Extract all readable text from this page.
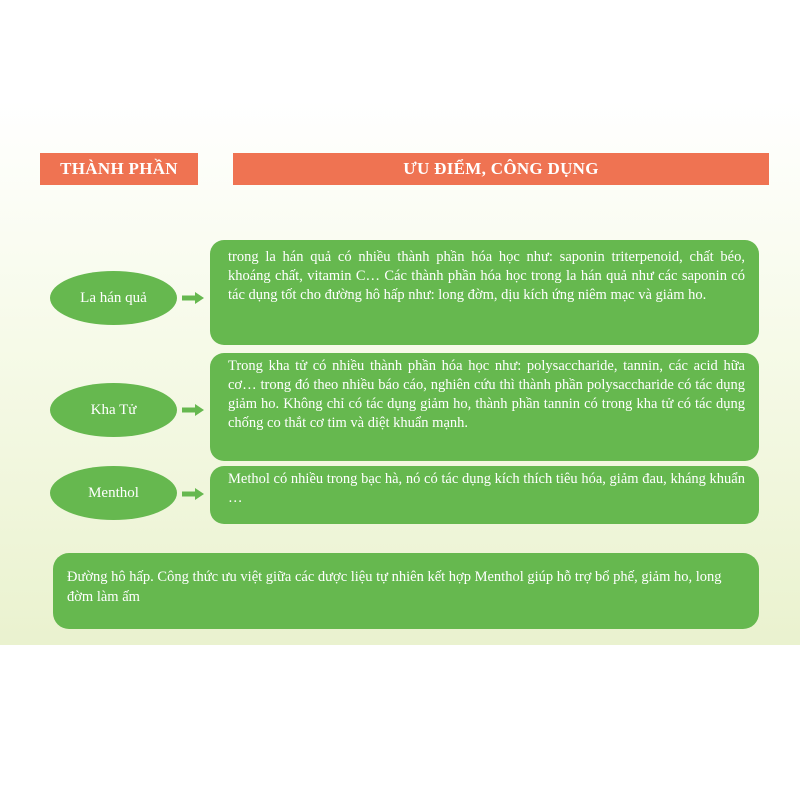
THÀNH PHẦN	ƯU ĐIỂM, CÔNG DỤNG
La hán quả
trong la hán quả có nhiều thành phần hóa học như: saponin triterpenoid, chất béo, khoáng chất, vitamin C… Các thành phần hóa học trong la hán quả như các saponin có tác dụng tốt cho đường hô hấp như: long đờm, dịu kích ứng niêm mạc và giảm ho.
Kha Tử
Trong kha tử có nhiều thành phần hóa học như: polysaccharide, tannin, các acid hữa cơ… trong đó theo nhiều báo cáo, nghiên cứu thì thành phần polysaccharide có tác dụng giảm ho. Không chỉ có tác dụng giảm ho, thành phần tannin có trong kha tử có tác dụng chống co thắt cơ tim và diệt khuẩn mạnh.
Menthol
Methol có nhiều trong bạc hà, nó có tác dụng kích thích tiêu hóa, giảm đau, kháng khuẩn …
Đường hô hấp. Công thức ưu việt giữa các dược liệu tự nhiên kết hợp Menthol giúp hỗ trợ bổ phế, giảm ho, long đờm làm ấm
